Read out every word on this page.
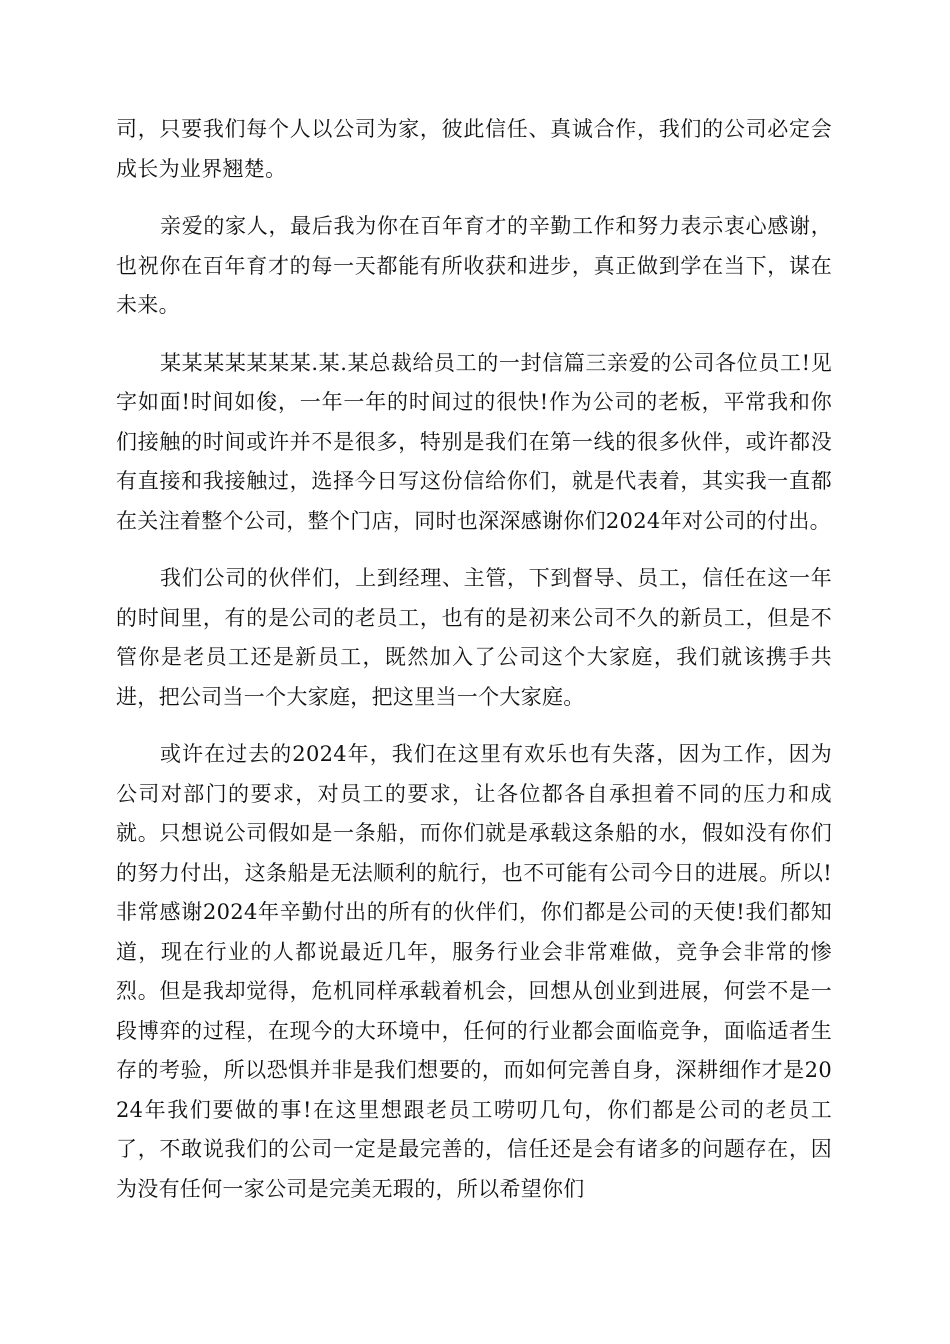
司，只要我们每个人以公司为家，彼此信任、真诚合作，我们的公司必定会成长为业界翘楚。

亲爱的家人，最后我为你在百年育才的辛勤工作和努力表示衷心感谢，也祝你在百年育才的每一天都能有所收获和进步，真正做到学在当下，谋在未来。

某某某某某某某.某.某总裁给员工的一封信篇三亲爱的公司各位员工!见字如面!时间如俊，一年一年的时间过的很快!作为公司的老板，平常我和你们接触的时间或许并不是很多，特别是我们在第一线的很多伙伴，或许都没有直接和我接触过，选择今日写这份信给你们，就是代表着，其实我一直都在关注着整个公司，整个门店，同时也深深感谢你们2024年对公司的付出。

我们公司的伙伴们，上到经理、主管，下到督导、员工，信任在这一年的时间里，有的是公司的老员工，也有的是初来公司不久的新员工，但是不管你是老员工还是新员工，既然加入了公司这个大家庭，我们就该携手共进，把公司当一个大家庭，把这里当一个大家庭。

或许在过去的2024年，我们在这里有欢乐也有失落，因为工作，因为公司对部门的要求，对员工的要求，让各位都各自承担着不同的压力和成就。只想说公司假如是一条船，而你们就是承载这条船的水，假如没有你们的努力付出，这条船是无法顺利的航行，也不可能有公司今日的进展。所以!非常感谢2024年辛勤付出的所有的伙伴们，你们都是公司的天使!我们都知道，现在行业的人都说最近几年，服务行业会非常难做，竞争会非常的惨烈。但是我却觉得，危机同样承载着机会，回想从创业到进展，何尝不是一段博弈的过程，在现今的大环境中，任何的行业都会面临竞争，面临适者生存的考验，所以恐惧并非是我们想要的，而如何完善自身，深耕细作才是2024年我们要做的事!在这里想跟老员工唠叨几句，你们都是公司的老员工了，不敢说我们的公司一定是最完善的，信任还是会有诸多的问题存在，因为没有任何一家公司是完美无瑕的，所以希望你们
